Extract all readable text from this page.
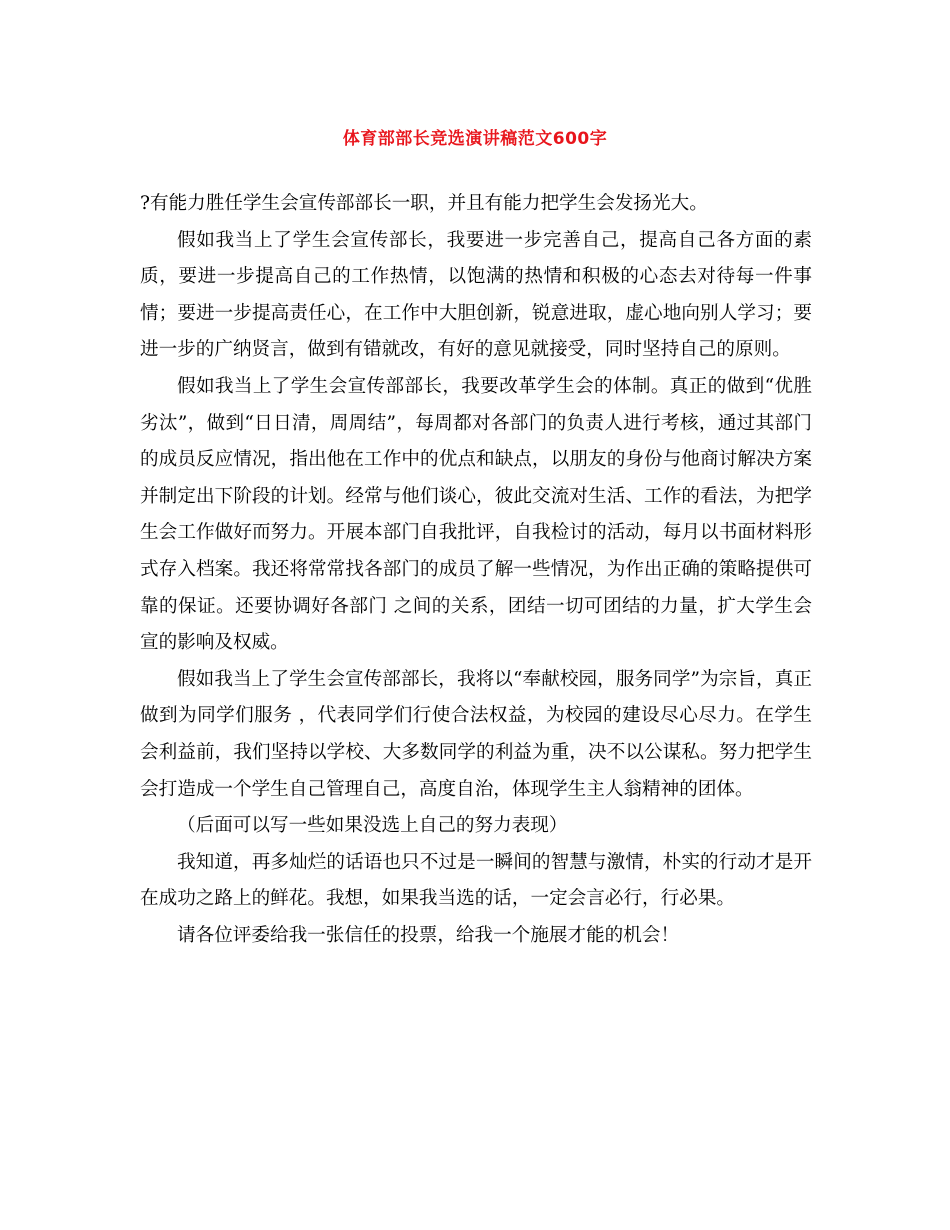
体育部部长竞选演讲稿范文600字

?有能力胜任学生会宣传部部长一职，并且有能力把学生会发扬光大。

假如我当上了学生会宣传部长，我要进一步完善自己，提高自己各方面的素质，要进一步提高自己的工作热情，以饱满的热情和积极的心态去对待每一件事情；要进一步提高责任心，在工作中大胆创新，锐意进取，虚心地向别人学习；要进一步的广纳贤言，做到有错就改，有好的意见就接受，同时坚持自己的原则。

假如我当上了学生会宣传部部长，我要改革学生会的体制。真正的做到“优胜劣汰”，做到“日日清，周周结”，每周都对各部门的负责人进行考核，通过其部门的成员反应情况，指出他在工作中的优点和缺点，以朋友的身份与他商讨解决方案并制定出下阶段的计划。经常与他们谈心，彼此交流对生活、工作的看法，为把学生会工作做好而努力。开展本部门自我批评，自我检讨的活动，每月以书面材料形式存入档案。我还将常常找各部门的成员了解一些情况，为作出正确的策略提供可靠的保证。还要协调好各部门 之间的关系，团结一切可团结的力量，扩大学生会宣的影响及权威。

假如我当上了学生会宣传部部长，我将以“奉献校园，服务同学”为宗旨，真正做到为同学们服务 ，代表同学们行使合法权益，为校园的建设尽心尽力。在学生会利益前，我们坚持以学校、大多数同学的利益为重，决不以公谋私。努力把学生会打造成一个学生自己管理自己，高度自治，体现学生主人翁精神的团体。

（后面可以写一些如果没选上自己的努力表现）

我知道，再多灿烂的话语也只不过是一瞬间的智慧与激情，朴实的行动才是开在成功之路上的鲜花。我想，如果我当选的话，一定会言必行，行必果。

请各位评委给我一张信任的投票，给我一个施展才能的机会！
